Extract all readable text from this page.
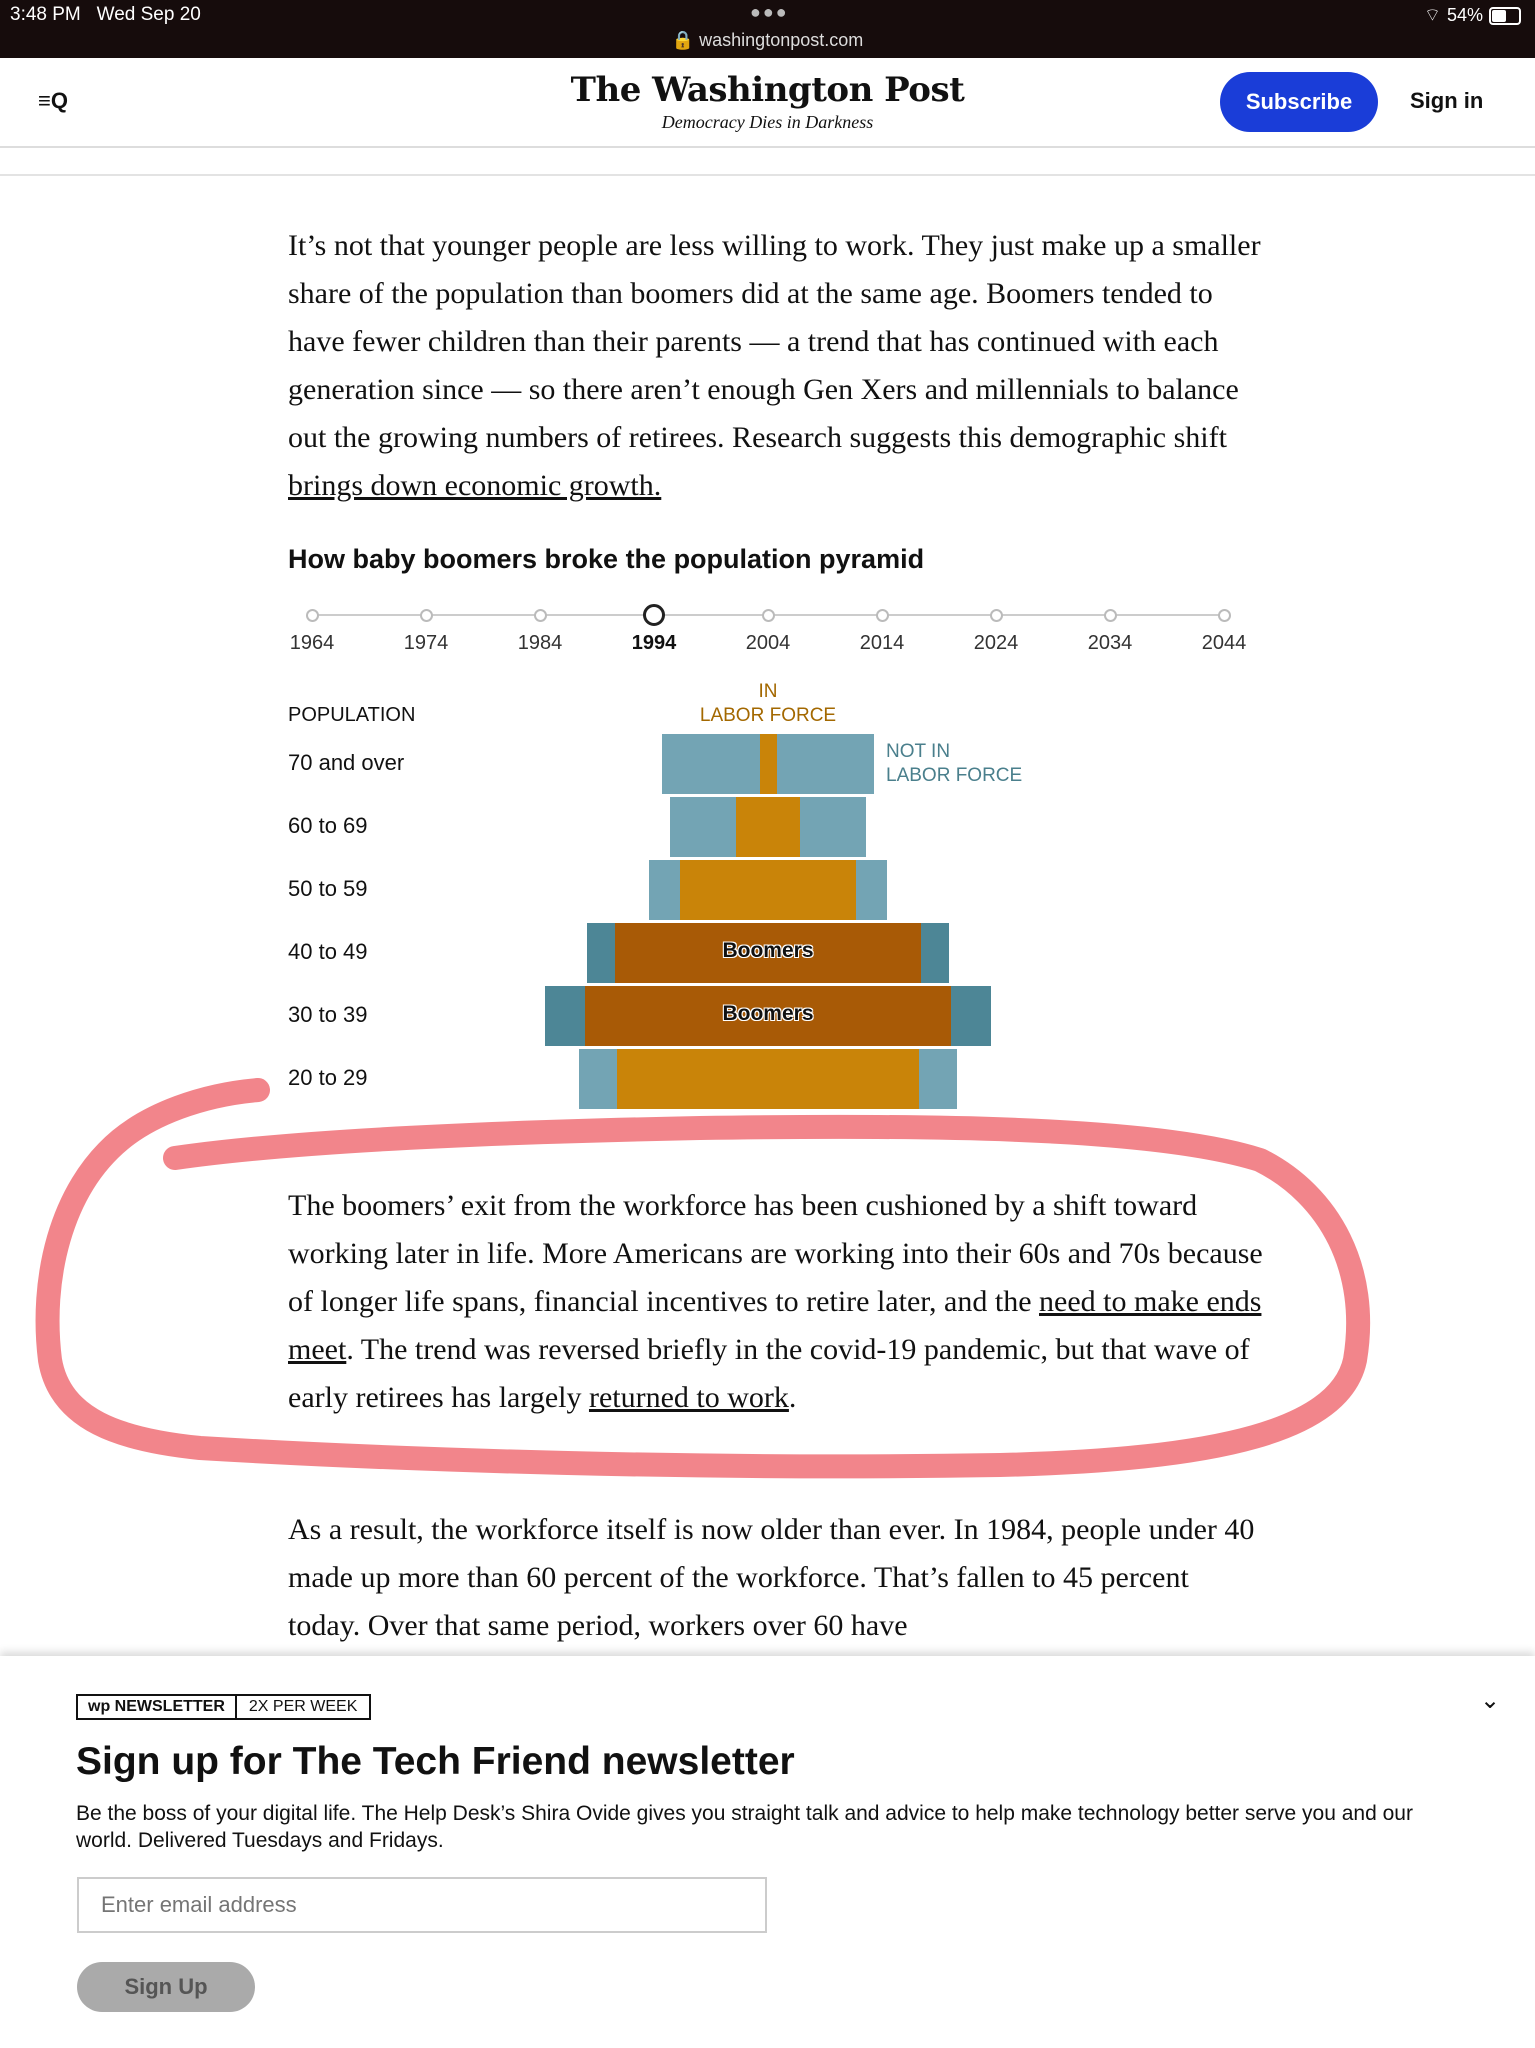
3:48 PM Wed Sep 20	●●●
🔒 washingtonpost.com
⌔ 54%
≡Q	The Washington Post
Democracy Dies in Darkness
Subscribe	Sign in
It’s not that younger people are less willing to work. They just make up a smaller share of the population than boomers did at the same age. Boomers tended to have fewer children than their parents — a trend that has continued with each generation since — so there aren’t enough Gen Xers and millennials to balance out the growing numbers of retirees. Research suggests this demographic shift brings down economic growth.
How baby boomers broke the population pyramid
1964	1974	1984	1994	2004	2014	2024	2034	2044
POPULATION
IN
LABOR FORCE
NOT IN
LABOR FORCE
70 and over
60 to 69
50 to 59
40 to 49	Boomers
30 to 39	Boomers
20 to 29
The boomers’ exit from the workforce has been cushioned by a shift toward working later in life. More Americans are working into their 60s and 70s because of longer life spans, financial incentives to retire later, and the need to make ends meet. The trend was reversed briefly in the covid-19 pandemic, but that wave of early retirees has largely returned to work.
As a result, the workforce itself is now older than ever. In 1984, people under 40 made up more than 60 percent of the workforce. That’s fallen to 45 percent today. Over that same period, workers over 60 have
wp NEWSLETTER	2X PER WEEK	⌄
Sign up for The Tech Friend newsletter
Be the boss of your digital life. The Help Desk’s Shira Ovide gives you straight talk and advice to help make technology better serve you and our world. Delivered Tuesdays and Fridays.
Enter email address
Sign Up
